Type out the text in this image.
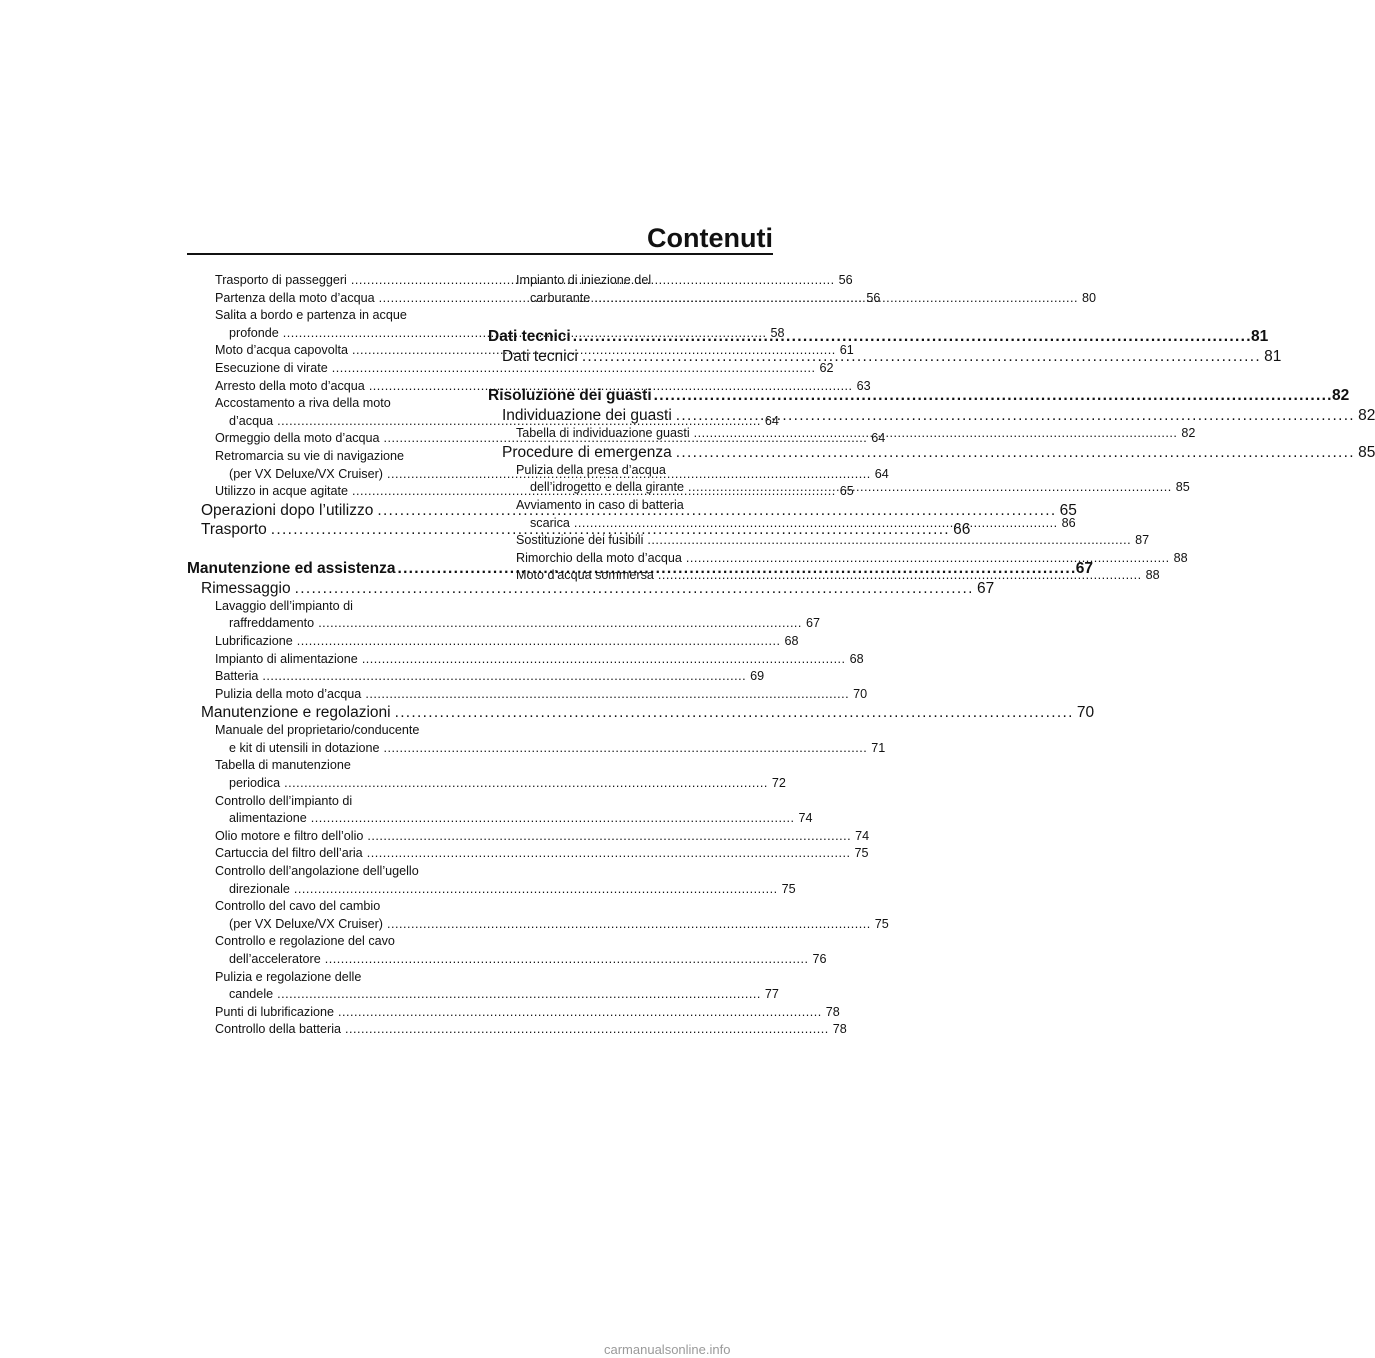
Contenuti
Trasporto di passeggeri . . .	56
Partenza della moto d’acqua . . .	56
Salita a bordo e partenza in acque
profonde . . .	58
Moto d’acqua capovolta . . .	61
Esecuzione di virate . . .	62
Arresto della moto d’acqua . . .	63
Accostamento a riva della moto
d’acqua . . .	64
Ormeggio della moto d’acqua . . .	64
Retromarcia su vie di navigazione
(per VX Deluxe/VX Cruiser) . . .	64
Utilizzo in acque agitate . . .	65
Operazioni dopo l’utilizzo . . .	65
Trasporto . . .	66
Manutenzione ed assistenza . . .	67
Rimessaggio . . .	67
Lavaggio dell’impianto di
raffreddamento . . .	67
Lubrificazione . . .	68
Impianto di alimentazione . . .	68
Batteria . . .	69
Pulizia della moto d’acqua . . .	70
Manutenzione e regolazioni . . .	70
Manuale del proprietario/conducente
e kit di utensili in dotazione . . .	71
Tabella di manutenzione
periodica . . .	72
Controllo dell’impianto di
alimentazione . . .	74
Olio motore e filtro dell’olio . . .	74
Cartuccia del filtro dell’aria . . .	75
Controllo dell’angolazione dell’ugello
direzionale . . .	75
Controllo del cavo del cambio
(per VX Deluxe/VX Cruiser) . . .	75
Controllo e regolazione del cavo
dell’acceleratore . . .	76
Pulizia e regolazione delle
candele . . .	77
Punti di lubrificazione . . .	78
Controllo della batteria . . .	78
Impianto di iniezione del
carburante . . .	80
Dati tecnici . . .	81
Dati tecnici . . .	81
Risoluzione dei guasti . . .	82
Individuazione dei guasti . . .	82
Tabella di individuazione guasti . . .	82
Procedure di emergenza . . .	85
Pulizia della presa d’acqua
dell’idrogetto e della girante . . .	85
Avviamento in caso di batteria
scarica . . .	86
Sostituzione dei fusibili . . .	87
Rimorchio della moto d’acqua . . .	88
Moto d’acqua sommersa . . .	88
carmanualsonline.info
